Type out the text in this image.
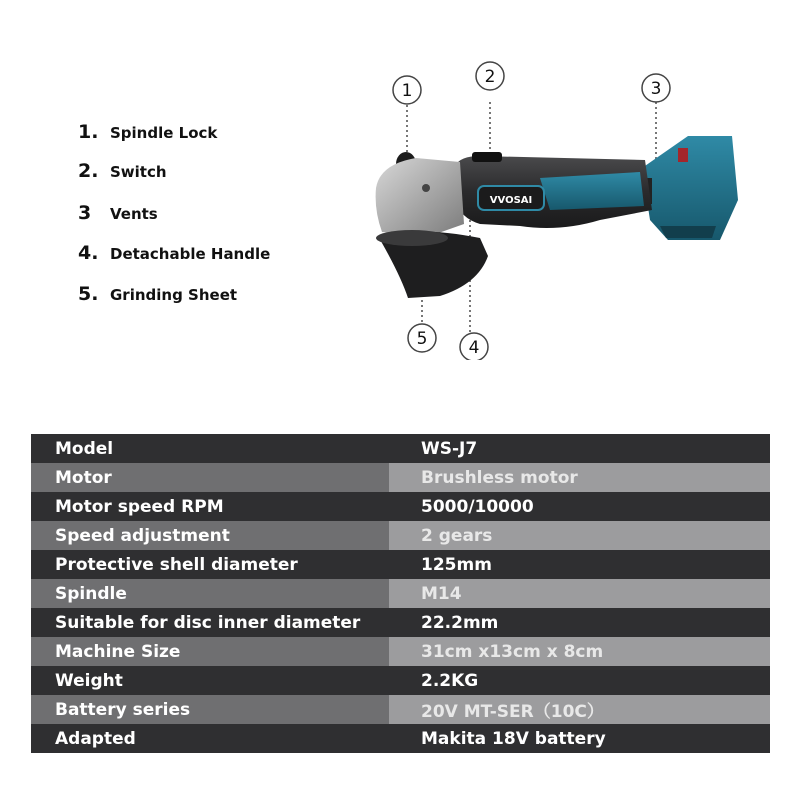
1. Spindle Lock
2. Switch
3 Vents
4. Detachable Handle
5. Grinding Sheet
VVOSAI
1
2
3
4
5
Model	WS-J7
Motor	Brushless motor
Motor speed RPM	5000/10000
Speed adjustment	2 gears
Protective shell diameter	125mm
Spindle	M14
Suitable for disc inner diameter	22.2mm
Machine Size	31cm x13cm x 8cm
Weight	2.2KG
Battery series	20V MT-SER（10C）
Adapted	Makita 18V battery
